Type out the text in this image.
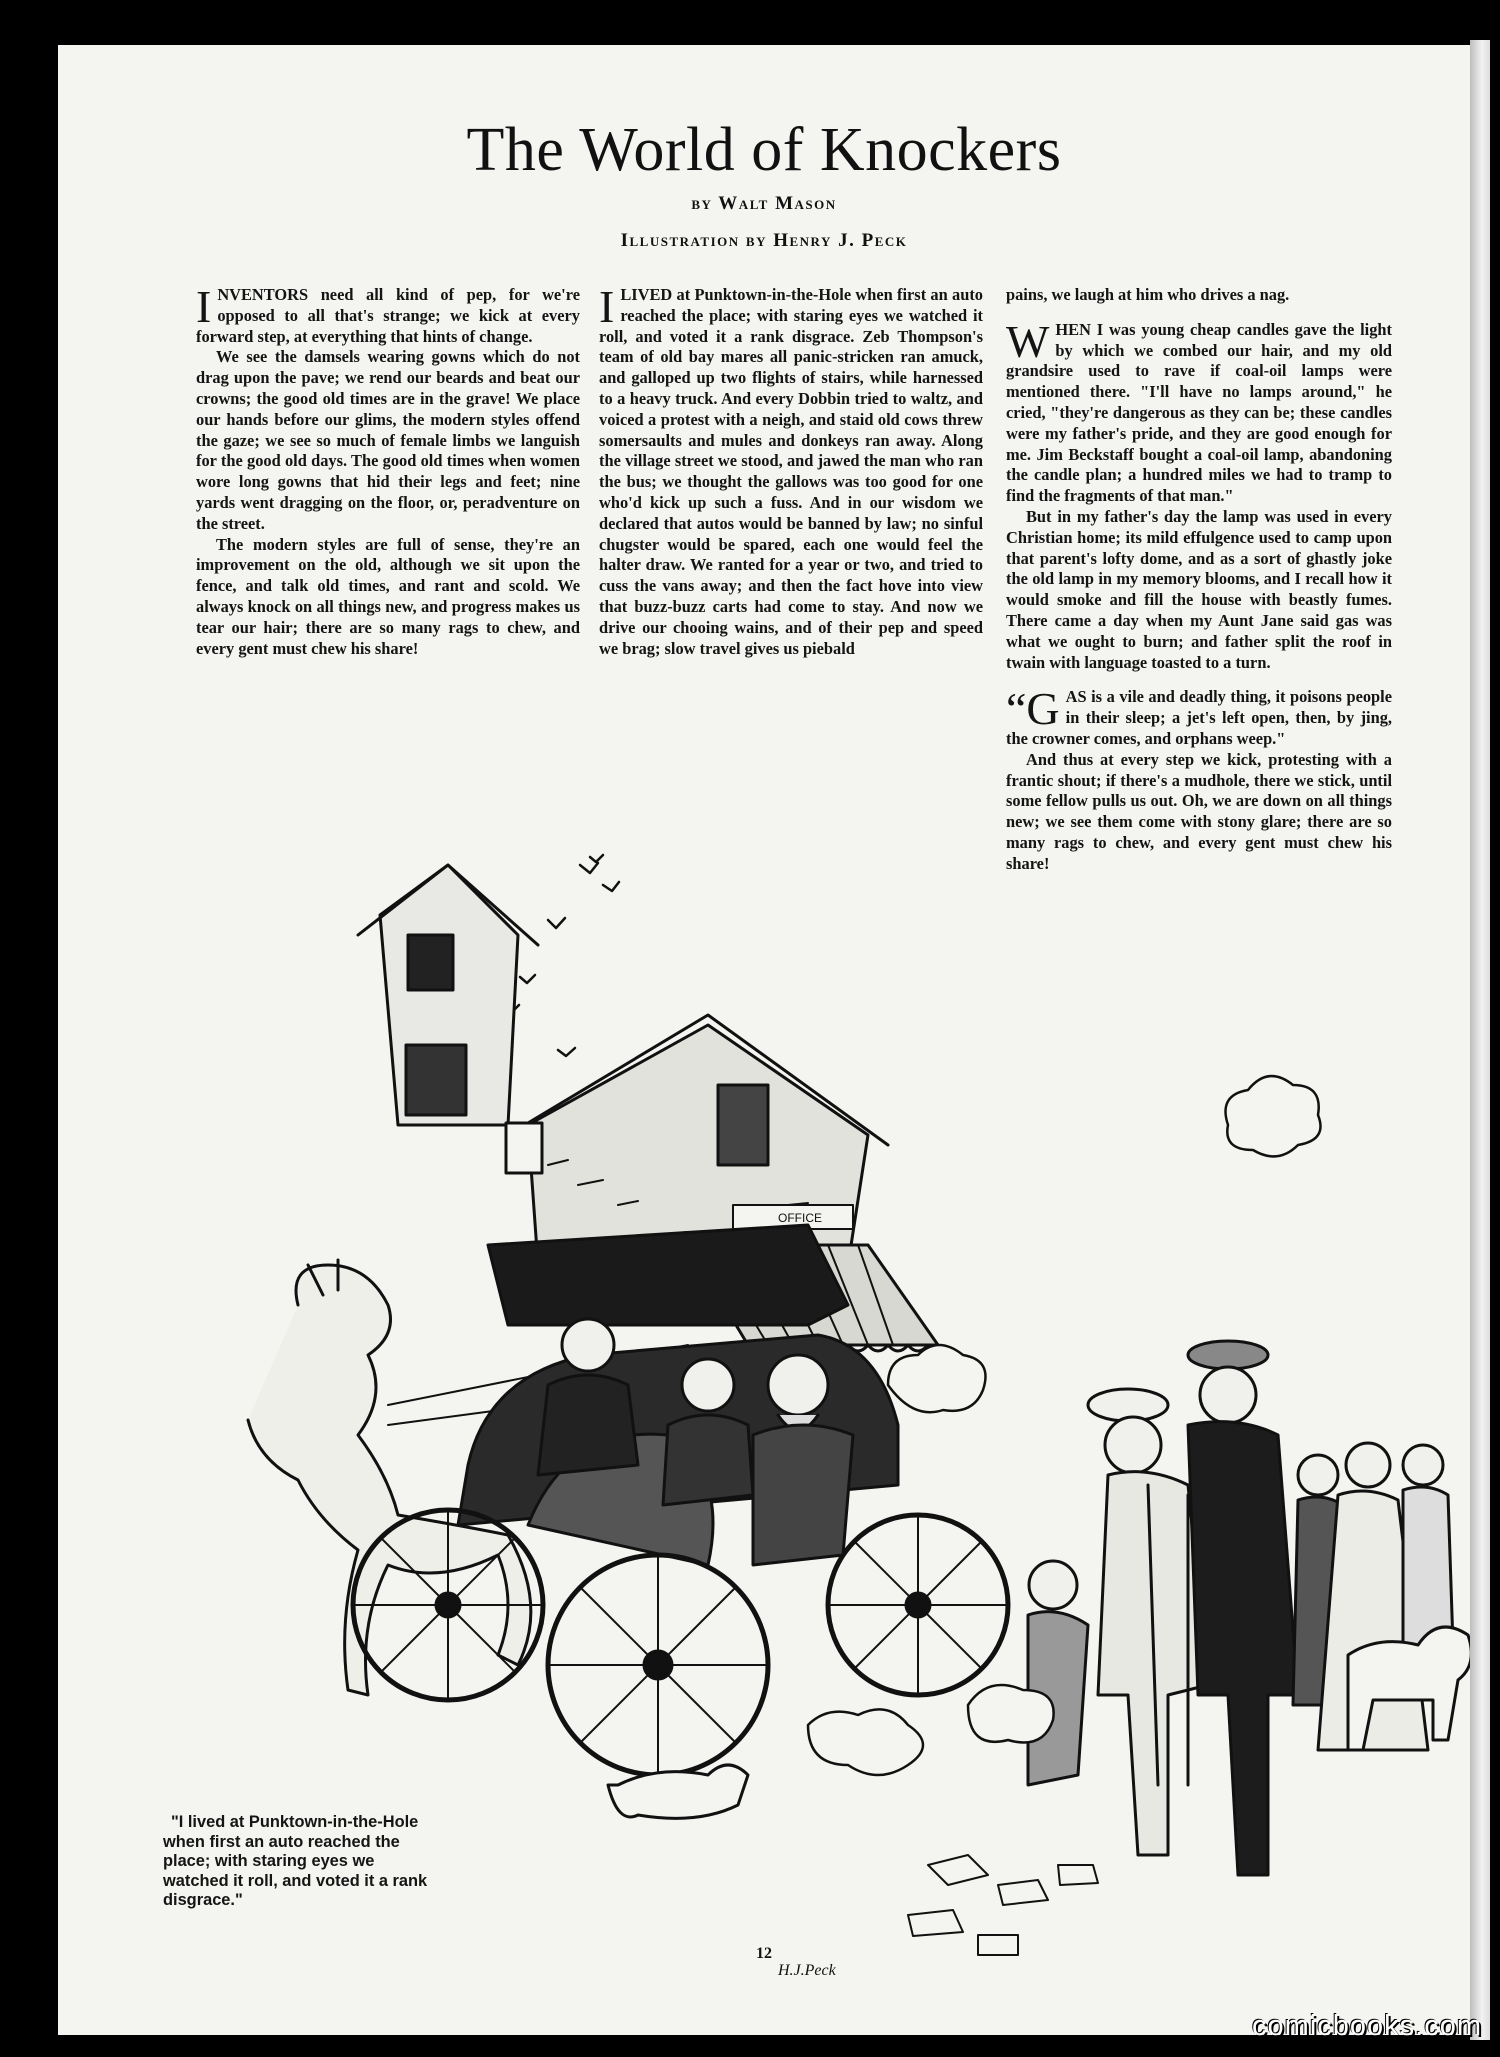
The World of Knockers
by Walt Mason
Illustration by Henry J. Peck

INVENTORS need all kind of pep, for we're opposed to all that's strange; we kick at every forward step, at everything that hints of change.

We see the damsels wearing gowns which do not drag upon the pave; we rend our beards and beat our crowns; the good old times are in the grave! We place our hands before our glims, the modern styles offend the gaze; we see so much of female limbs we languish for the good old days. The good old times when women wore long gowns that hid their legs and feet; nine yards went dragging on the floor, or, peradventure on the street.

The modern styles are full of sense, they're an improvement on the old, although we sit upon the fence, and talk old times, and rant and scold. We always knock on all things new, and progress makes us tear our hair; there are so many rags to chew, and every gent must chew his share!

ILIVED at Punktown-in-the-Hole when first an auto reached the place; with staring eyes we watched it roll, and voted it a rank disgrace. Zeb Thompson's team of old bay mares all panic-stricken ran amuck, and galloped up two flights of stairs, while harnessed to a heavy truck. And every Dobbin tried to waltz, and voiced a protest with a neigh, and staid old cows threw somersaults and mules and donkeys ran away. Along the village street we stood, and jawed the man who ran the bus; we thought the gallows was too good for one who'd kick up such a fuss. And in our wisdom we declared that autos would be banned by law; no sinful chugster would be spared, each one would feel the halter draw. We ranted for a year or two, and tried to cuss the vans away; and then the fact hove into view that buzz-buzz carts had come to stay. And now we drive our chooing wains, and of their pep and speed we brag; slow travel gives us piebald

pains, we laugh at him who drives a nag.

WHEN I was young cheap candles gave the light by which we combed our hair, and my old grandsire used to rave if coal-oil lamps were mentioned there. "I'll have no lamps around," he cried, "they're dangerous as they can be; these candles were my father's pride, and they are good enough for me. Jim Beckstaff bought a coal-oil lamp, abandoning the candle plan; a hundred miles we had to tramp to find the fragments of that man."

But in my father's day the lamp was used in every Christian home; its mild effulgence used to camp upon that parent's lofty dome, and as a sort of ghastly joke the old lamp in my memory blooms, and I recall how it would smoke and fill the house with beastly fumes. There came a day when my Aunt Jane said gas was what we ought to burn; and father split the roof in twain with language toasted to a turn.

“GAS is a vile and deadly thing, it poisons people in their sleep; a jet's left open, then, by jing, the crowner comes, and orphans weep."

And thus at every step we kick, protesting with a frantic shout; if there's a mudhole, there we stick, until some fellow pulls us out. Oh, we are down on all things new; we see them come with stony glare; there are so many rags to chew, and every gent must chew his share!

OFFICE
H.J.Peck
"I lived at Punktown-in-the-Hole when first an auto reached the place; with staring eyes we watched it roll, and voted it a rank disgrace."
12
comicbooks.com
